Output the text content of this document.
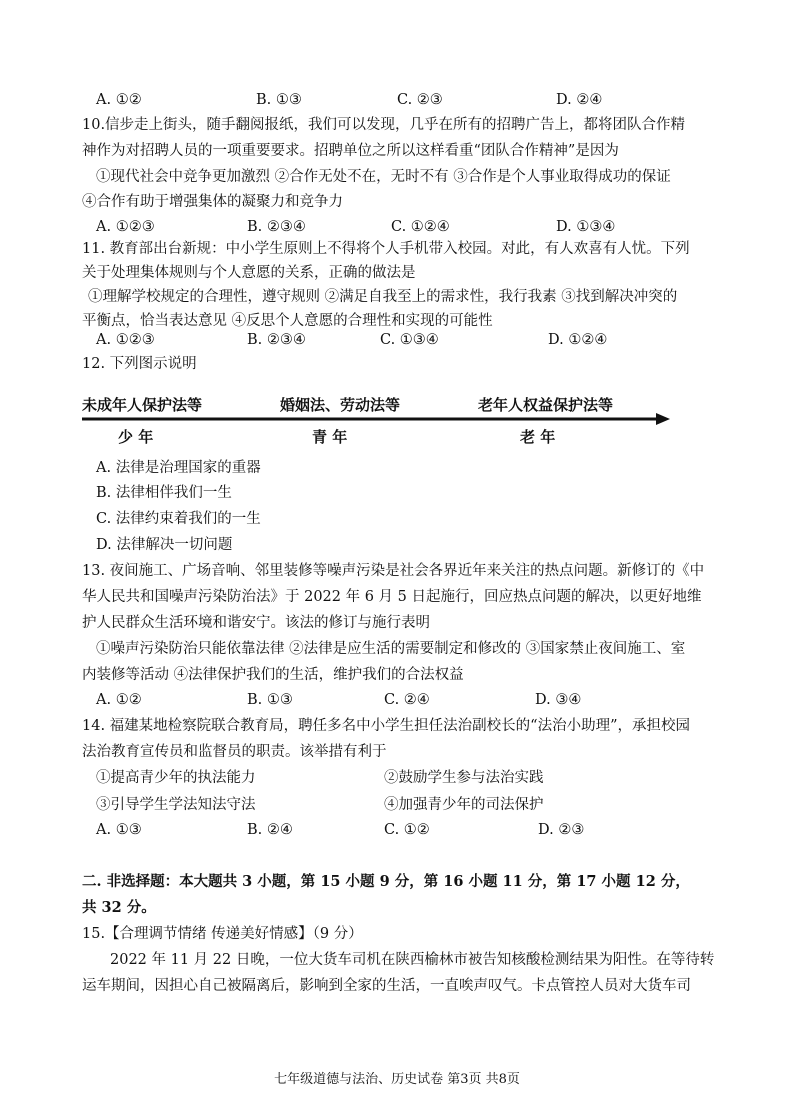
A. ①②	B. ①③	C. ②③	D. ②④
10.信步走上街头，随手翻阅报纸，我们可以发现，几乎在所有的招聘广告上，都将团队合作精
神作为对招聘人员的一项重要要求。招聘单位之所以这样看重“团队合作精神”是因为
①现代社会中竞争更加激烈 ②合作无处不在，无时不有 ③合作是个人事业取得成功的保证
④合作有助于增强集体的凝聚力和竞争力
A. ①②③	B. ②③④	C. ①②④	D. ①③④
11. 教育部出台新规：中小学生原则上不得将个人手机带入校园。对此，有人欢喜有人忧。下列
关于处理集体规则与个人意愿的关系，正确的做法是
①理解学校规定的合理性，遵守规则 ②满足自我至上的需求性，我行我素 ③找到解决冲突的
平衡点，恰当表达意见 ④反思个人意愿的合理性和实现的可能性
A. ①②③	B. ②③④	C. ①③④	D. ①②④
12. 下列图示说明
未成年人保护法等	婚姻法、劳动法等	老年人权益保护法等
少 年	青 年	老 年
A. 法律是治理国家的重器
B. 法律相伴我们一生
C. 法律约束着我们的一生
D. 法律解决一切问题
13. 夜间施工、广场音响、邻里装修等噪声污染是社会各界近年来关注的热点问题。新修订的《中
华人民共和国噪声污染防治法》于 2022 年 6 月 5 日起施行，回应热点问题的解决，以更好地维
护人民群众生活环境和谐安宁。该法的修订与施行表明
①噪声污染防治只能依靠法律 ②法律是应生活的需要制定和修改的 ③国家禁止夜间施工、室
内装修等活动 ④法律保护我们的生活，维护我们的合法权益
A. ①②	B. ①③	C. ②④	D. ③④
14. 福建某地检察院联合教育局，聘任多名中小学生担任法治副校长的“法治小助理”，承担校园
法治教育宣传员和监督员的职责。该举措有利于
①提高青少年的执法能力	②鼓励学生参与法治实践
③引导学生学法知法守法	④加强青少年的司法保护
A. ①③	B. ②④	C. ①②	D. ②③
二. 非选择题：本大题共 3 小题，第 15 小题 9 分，第 16 小题 11 分，第 17 小题 12 分，
共 32 分。
15.【合理调节情绪 传递美好情感】（9 分）
2022 年 11 月 22 日晚，一位大货车司机在陕西榆林市被告知核酸检测结果为阳性。在等待转
运车期间，因担心自己被隔离后，影响到全家的生活，一直唉声叹气。卡点管控人员对大货车司
七年级道德与法治、历史试卷 第3页 共8页
